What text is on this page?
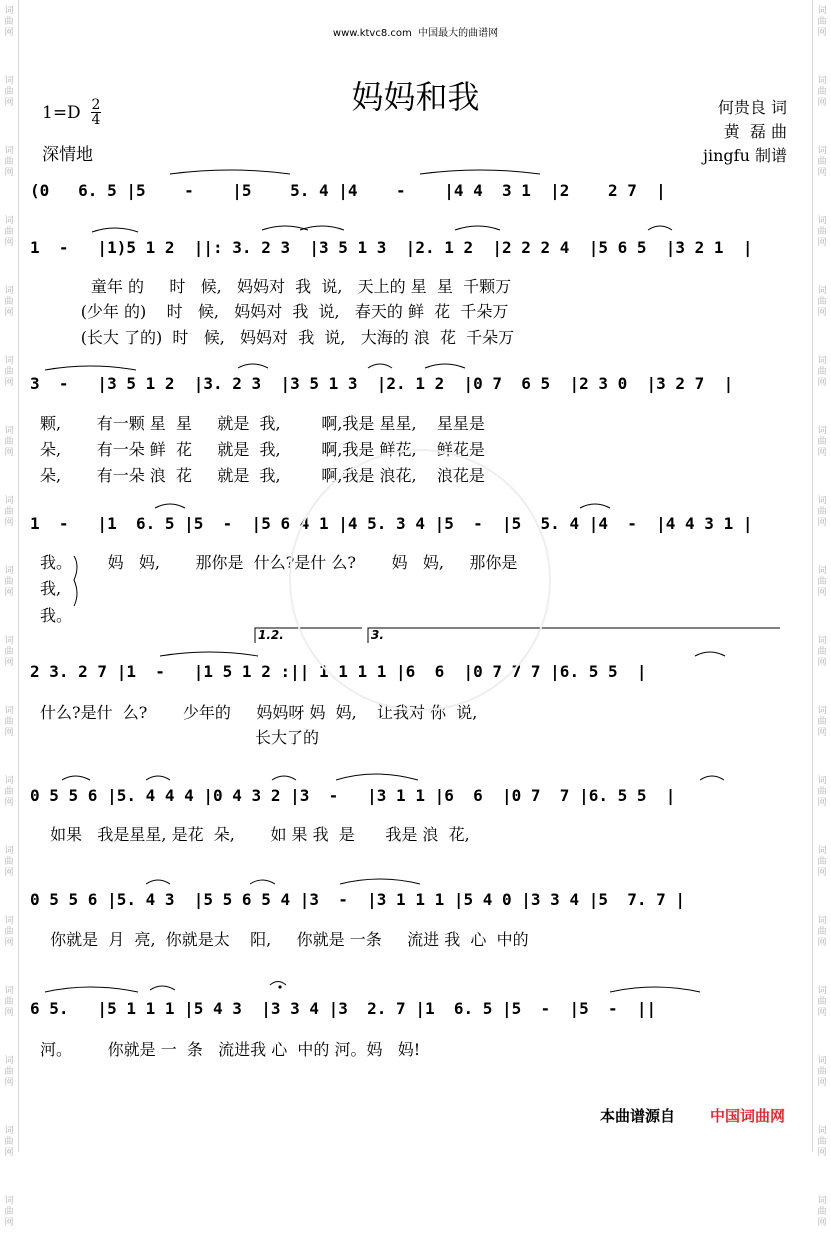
词
曲
网
词
曲
网
词
曲
网
词
曲
网
词
曲
网
词
曲
网
词
曲
网
词
曲
网
词
曲
网
词
曲
网
词
曲
网
词
曲
网
词
曲
网
词
曲
网
词
曲
网
词
曲
网
词
曲
网
词
曲
网
词
曲
网
词
曲
网
词
曲
网
词
曲
网
词
曲
网
词
曲
网
词
曲
网
词
曲
网
词
曲
网
词
曲
网
词
曲
网
词
曲
网
词
曲
网
词
曲
网
词
曲
网
词
曲
网
词
曲
网
词
曲
网
www.ktvc8.com  中国最大的曲谱网
妈妈和我
1=D 2
4
深情地
何贵良 词
黄  磊 曲
jingfu 制谱
(0   6. 5 |5    -    |5    5. 4 |4    -    |4 4  3 1  |2    2 7  |
1  -   |1)5 1 2  ||: 3. 2 3  |3 5 1 3  |2. 1 2  |2 2 2 4  |5 6 5  |3 2 1  |
童年 的     时   候,   妈妈对  我  说,   天上的 星  星  千颗万
(少年 的)    时   候,   妈妈对  我  说,   春天的 鲜  花  千朵万
(长大 了的)  时   候,   妈妈对  我  说,   大海的 浪  花  千朵万
3  -   |3 5 1 2  |3. 2 3  |3 5 1 3  |2. 1 2  |0 7  6 5  |2 3 0  |3 2 7  |
颗,       有一颗 星  星     就是  我,        啊,我是 星星,    星星是
朵,       有一朵 鲜  花     就是  我,        啊,我是 鲜花,    鲜花是
朵,       有一朵 浪  花     就是  我,        啊,我是 浪花,    浪花是
1  -   |1  6. 5 |5  -  |5 6 4 1 |4 5. 3 4 |5  -  |5  5. 4 |4  -  |4 4 3 1 |
我。       妈   妈,       那你是  什么?是什 么?       妈   妈,     那你是
我,
我。
1.2.	3.
2 3. 2 7 |1  -   |1 5 1 2 :|| 1 1 1 1 |6  6  |0 7 7 7 |6. 5 5  |
什么?是什  么?       少年的     妈妈呀 妈  妈,    让我对 你  说,
长大了的
0 5 5 6 |5. 4 4 4 |0 4 3 2 |3  -   |3 1 1 |6  6  |0 7  7 |6. 5 5  |
如果   我是星星, 是花  朵,       如 果 我  是      我是 浪  花,
0 5 5 6 |5. 4 3  |5 5 6 5 4 |3  -  |3 1 1 1 |5 4 0 |3 3 4 |5  7. 7 |
你就是  月  亮,  你就是太    阳,     你就是 一条     流进 我  心  中的
6 5.   |5 1 1 1 |5 4 3  |3 3 4 |3  2. 7 |1  6. 5 |5  -  |5  -  ||
河。       你就是 一  条   流进我 心  中的 河。妈   妈!
本曲谱源自 中国词曲网
